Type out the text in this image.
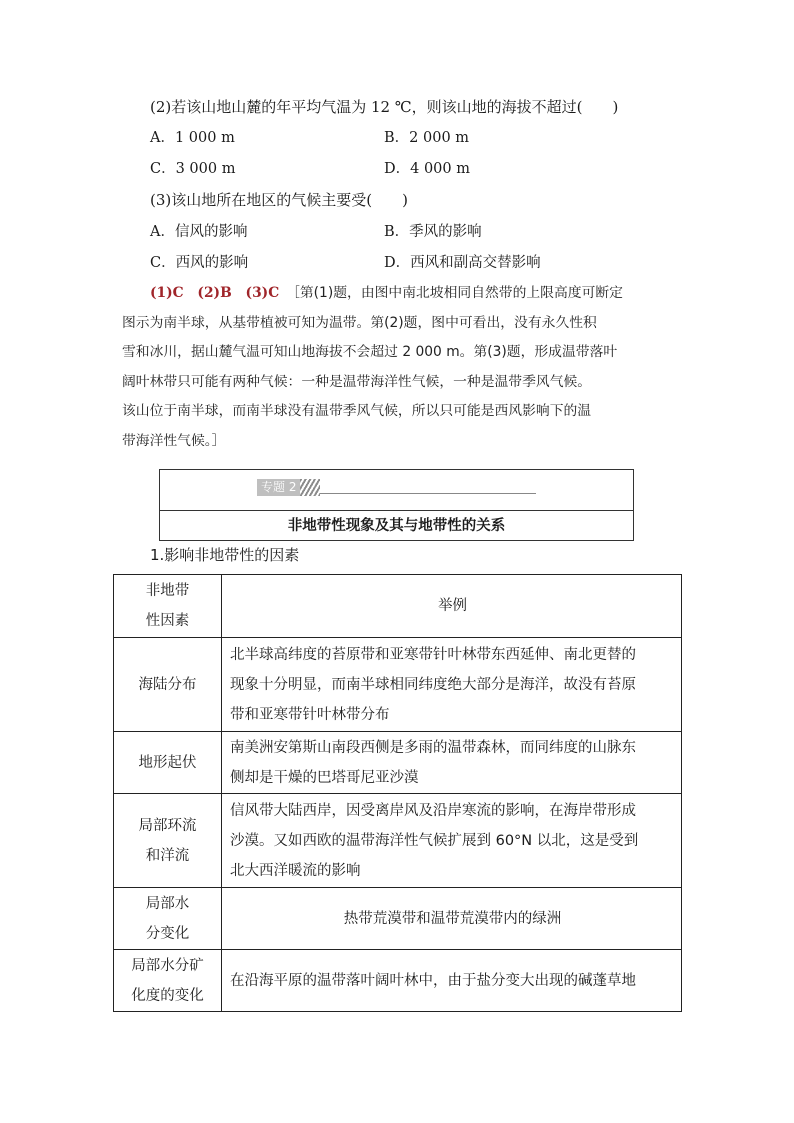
(2)若该山地山麓的年平均气温为 12 ℃，则该山地的海拔不超过(　　)
A．1 000 m	B．2 000 m
C．3 000 m	D．4 000 m
(3)该山地所在地区的气候主要受(　　)
A．信风的影响	B．季风的影响
C．西风的影响	D．西风和副高交替影响
(1)C　(2)B　(3)C　 ［第(1)题，由图中南北坡相同自然带的上限高度可断定
图示为南半球，从基带植被可知为温带。第(2)题，图中可看出，没有永久性积
雪和冰川，据山麓气温可知山地海拔不会超过 2 000 m。第(3)题，形成温带落叶
阔叶林带只可能有两种气候：一种是温带海洋性气候，一种是温带季风气候。
该山位于南半球，而南半球没有温带季风气候，所以只可能是西风影响下的温
带海洋性气候。］
专题 2
非地带性现象及其与地带性的关系
1.影响非地带性的因素
非地带
性因素	举例
海陆分布	北半球高纬度的苔原带和亚寒带针叶林带东西延伸、南北更替的
现象十分明显，而南半球相同纬度绝大部分是海洋，故没有苔原
带和亚寒带针叶林带分布
地形起伏	南美洲安第斯山南段西侧是多雨的温带森林，而同纬度的山脉东
侧却是干燥的巴塔哥尼亚沙漠
局部环流
和洋流	信风带大陆西岸，因受离岸风及沿岸寒流的影响，在海岸带形成
沙漠。又如西欧的温带海洋性气候扩展到 60°N 以北，这是受到
北大西洋暖流的影响
局部水
分变化	热带荒漠带和温带荒漠带内的绿洲
局部水分矿
化度的变化	在沿海平原的温带落叶阔叶林中，由于盐分变大出现的碱蓬草地
